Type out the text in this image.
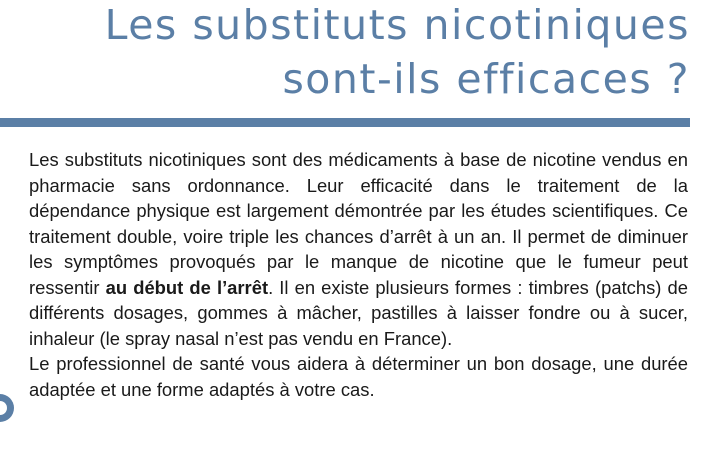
Les substituts nicotiniques
sont-ils efficaces ?

Les substituts nicotiniques sont des médicaments à base de nicotine vendus en pharmacie sans ordonnance. Leur efficacité dans le traitement de la dépendance physique est largement démontrée par les études scientifiques. Ce traitement double, voire triple les chances d’arrêt à un an. Il permet de diminuer les symptômes provoqués par le manque de nicotine que le fumeur peut ressentir au début de l’arrêt. Il en existe plusieurs formes : timbres (patchs) de différents dosages, gommes à mâcher, pastilles à laisser fondre ou à sucer, inhaleur (le spray nasal n’est pas vendu en France).

Le professionnel de santé vous aidera à déterminer un bon dosage, une durée adaptée et une forme adaptés à votre cas.
